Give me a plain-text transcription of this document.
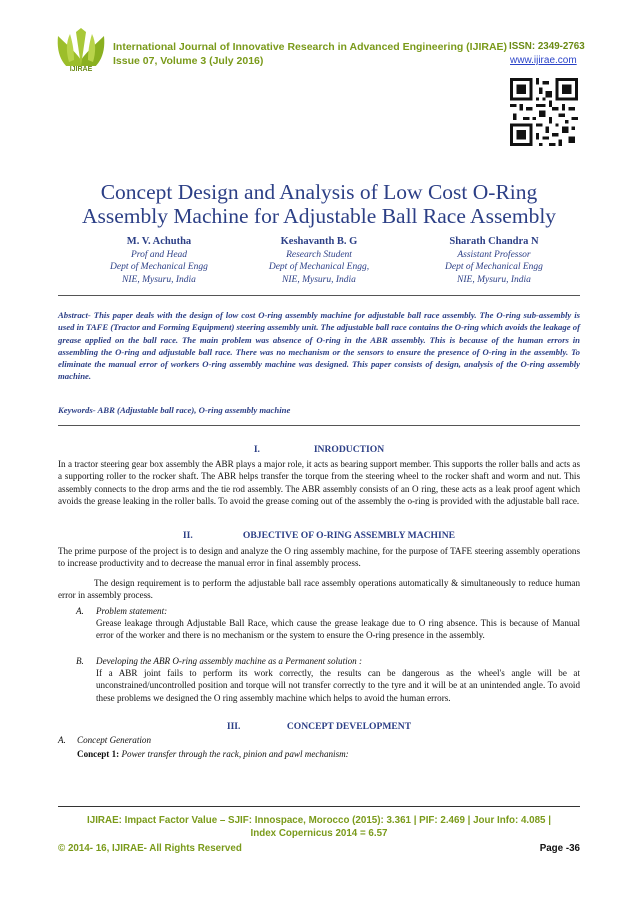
IJIRAE
International Journal of Innovative Research in Advanced Engineering (IJIRAE) ISSN: 2349-2763
Issue 07, Volume 3 (July 2016)	www.ijirae.com
Concept Design and Analysis of Low Cost O-Ring
Assembly Machine for Adjustable Ball Race Assembly
M. V. Achutha
Prof and Head
Dept of Mechanical Engg
NIE, Mysuru, India
Keshavanth B. G
Research Student
Dept of Mechanical Engg,
NIE, Mysuru, India
Sharath Chandra N
Assistant Professor
Dept of Mechanical Engg
NIE, Mysuru, India
Abstract- This paper deals with the design of low cost O-ring assembly machine for adjustable ball race assembly. The O-ring sub-assembly is used in TAFE (Tractor and Forming Equipment) steering assembly unit. The adjustable ball race contains the O-ring which avoids the leakage of grease applied on the ball race. The main problem was absence of O-ring in the ABR assembly. This is because of the human errors in assembling the O-ring and adjustable ball race. There was no mechanism or the sensors to ensure the presence of O-ring in the assembly. To eliminate the manual error of workers O-ring assembly machine was designed. This paper consists of design, analysis of the O-ring assembly machine.
Keywords- ABR (Adjustable ball race), O-ring assembly machine
I.	INRODUCTION
In a tractor steering gear box assembly the ABR plays a major role, it acts as bearing support member. This supports the roller balls and acts as a supporting roller to the rocker shaft. The ABR helps transfer the torque from the steering wheel to the rocker shaft and worm and nut. This assembly connects to the drop arms and the tie rod assembly. The ABR assembly consists of an O ring, these acts as a leak proof agent which avoids the grease leaking in the roller balls. To avoid the grease coming out of the assembly the o-ring is provided with the adjustable ball race.
II.	OBJECTIVE OF O-RING ASSEMBLY MACHINE
The prime purpose of the project is to design and analyze the O ring assembly machine, for the purpose of TAFE steering assembly operations to increase productivity and to decrease the manual error in final assembly process.
The design requirement is to perform the adjustable ball race assembly operations automatically & simultaneously to reduce human error in assembly process.
A. Problem statement:
Grease leakage through Adjustable Ball Race, which cause the grease leakage due to O ring absence. This is because of Manual error of the worker and there is no mechanism or the system to ensure the O-ring presence in the assembly.
B. Developing the ABR O-ring assembly machine as a Permanent solution :
If a ABR joint fails to perform its work correctly, the results can be dangerous as the wheel's angle will be at unconstrained/uncontrolled position and torque will not transfer correctly to the tyre and it will be at an unintended angle. To avoid these problems we designed the O ring assembly machine which helps to avoid the human errors.
III.	CONCEPT DEVELOPMENT
A. Concept Generation
Concept 1: Power transfer through the rack, pinion and pawl mechanism:
IJIRAE: Impact Factor Value – SJIF: Innospace, Morocco (2015): 3.361 | PIF: 2.469 | Jour Info: 4.085 |
Index Copernicus 2014 = 6.57
© 2014- 16, IJIRAE- All Rights Reserved	Page -36
